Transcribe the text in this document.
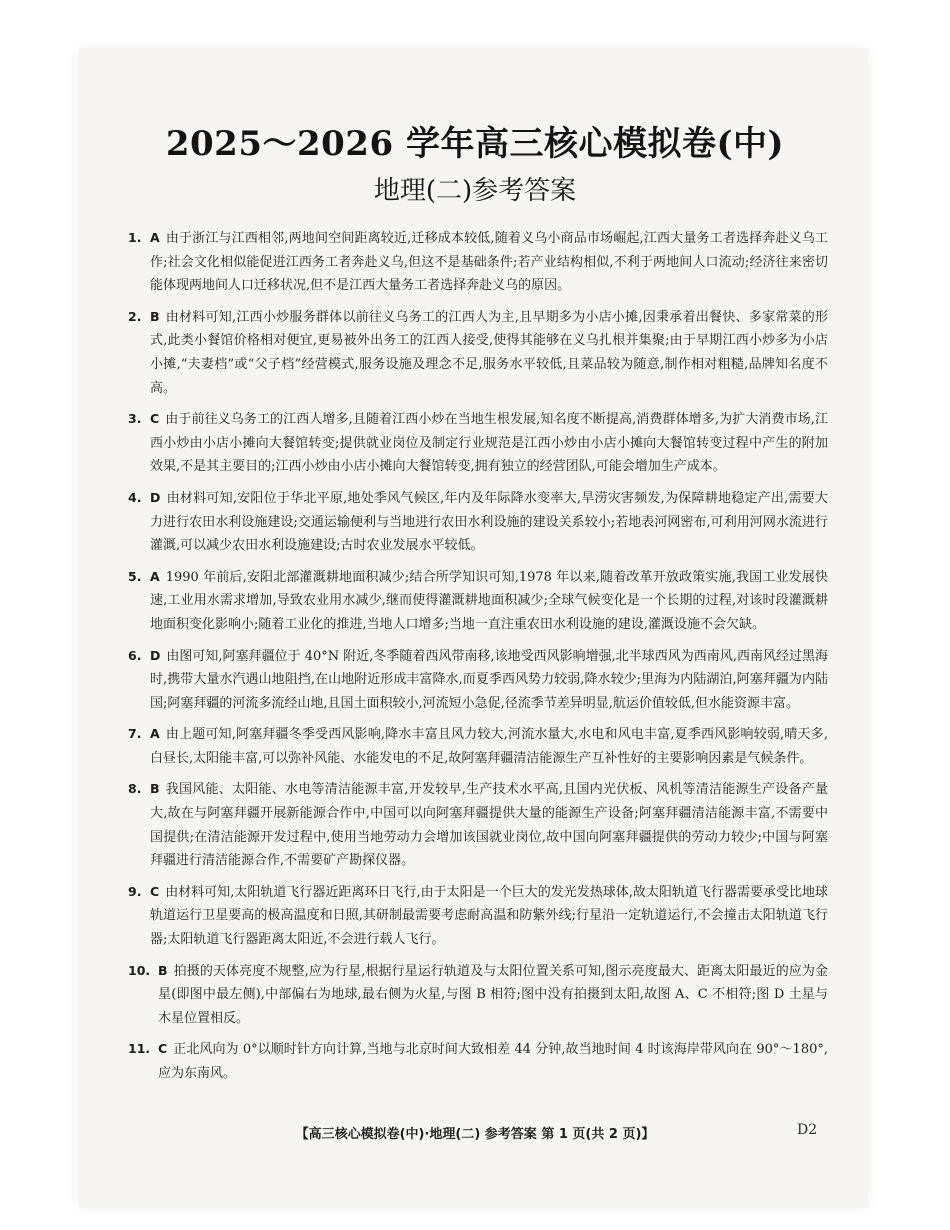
2025～2026 学年高三核心模拟卷(中)
地理(二)参考答案
1. A 由于浙江与江西相邻,两地间空间距离较近,迁移成本较低,随着义乌小商品市场崛起,江西大量务工者选择奔赴义乌工作;社会文化相似能促进江西务工者奔赴义乌,但这不是基础条件;若产业结构相似,不利于两地间人口流动;经济往来密切能体现两地间人口迁移状况,但不是江西大量务工者选择奔赴义乌的原因。
2. B 由材料可知,江西小炒服务群体以前往义乌务工的江西人为主,且早期多为小店小摊,因秉承着出餐快、多家常菜的形式,此类小餐馆价格相对便宜,更易被外出务工的江西人接受,使得其能够在义乌扎根并集聚;由于早期江西小炒多为小店小摊,“夫妻档”或“父子档”经营模式,服务设施及理念不足,服务水平较低,且菜品较为随意,制作相对粗糙,品牌知名度不高。
3. C 由于前往义乌务工的江西人增多,且随着江西小炒在当地生根发展,知名度不断提高,消费群体增多,为扩大消费市场,江西小炒由小店小摊向大餐馆转变;提供就业岗位及制定行业规范是江西小炒由小店小摊向大餐馆转变过程中产生的附加效果,不是其主要目的;江西小炒由小店小摊向大餐馆转变,拥有独立的经营团队,可能会增加生产成本。
4. D 由材料可知,安阳位于华北平原,地处季风气候区,年内及年际降水变率大,旱涝灾害频发,为保障耕地稳定产出,需要大力进行农田水利设施建设;交通运输便利与当地进行农田水利设施的建设关系较小;若地表河网密布,可利用河网水流进行灌溉,可以减少农田水利设施建设;古时农业发展水平较低。
5. A 1990 年前后,安阳北部灌溉耕地面积减少;结合所学知识可知,1978 年以来,随着改革开放政策实施,我国工业发展快速,工业用水需求增加,导致农业用水减少,继而使得灌溉耕地面积减少;全球气候变化是一个长期的过程,对该时段灌溉耕地面积变化影响小;随着工业化的推进,当地人口增多;当地一直注重农田水利设施的建设,灌溉设施不会欠缺。
6. D 由图可知,阿塞拜疆位于 40°N 附近,冬季随着西风带南移,该地受西风影响增强,北半球西风为西南风,西南风经过黑海时,携带大量水汽遇山地阻挡,在山地附近形成丰富降水,而夏季西风势力较弱,降水较少;里海为内陆湖泊,阿塞拜疆为内陆国;阿塞拜疆的河流多流经山地,且国土面积较小,河流短小急促,径流季节差异明显,航运价值较低,但水能资源丰富。
7. A 由上题可知,阿塞拜疆冬季受西风影响,降水丰富且风力较大,河流水量大,水电和风电丰富,夏季西风影响较弱,晴天多,白昼长,太阳能丰富,可以弥补风能、水能发电的不足,故阿塞拜疆清洁能源生产互补性好的主要影响因素是气候条件。
8. B 我国风能、太阳能、水电等清洁能源丰富,开发较早,生产技术水平高,且国内光伏板、风机等清洁能源生产设备产量大,故在与阿塞拜疆开展新能源合作中,中国可以向阿塞拜疆提供大量的能源生产设备;阿塞拜疆清洁能源丰富,不需要中国提供;在清洁能源开发过程中,使用当地劳动力会增加该国就业岗位,故中国向阿塞拜疆提供的劳动力较少;中国与阿塞拜疆进行清洁能源合作,不需要矿产勘探仪器。
9. C 由材料可知,太阳轨道飞行器近距离环日飞行,由于太阳是一个巨大的发光发热球体,故太阳轨道飞行器需要承受比地球轨道运行卫星要高的极高温度和日照,其研制最需要考虑耐高温和防紫外线;行星沿一定轨道运行,不会撞击太阳轨道飞行器;太阳轨道飞行器距离太阳近,不会进行载人飞行。
10. B 拍摄的天体亮度不规整,应为行星,根据行星运行轨道及与太阳位置关系可知,图示亮度最大、距离太阳最近的应为金星(即图中最左侧),中部偏右为地球,最右侧为火星,与图 B 相符;图中没有拍摄到太阳,故图 A、C 不相符;图 D 土星与木星位置相反。
11. C 正北风向为 0°以顺时针方向计算,当地与北京时间大致相差 44 分钟,故当地时间 4 时该海岸带风向在 90°～180°,应为东南风。
【高三核心模拟卷(中)·地理(二) 参考答案 第 1 页(共 2 页)】	D2
